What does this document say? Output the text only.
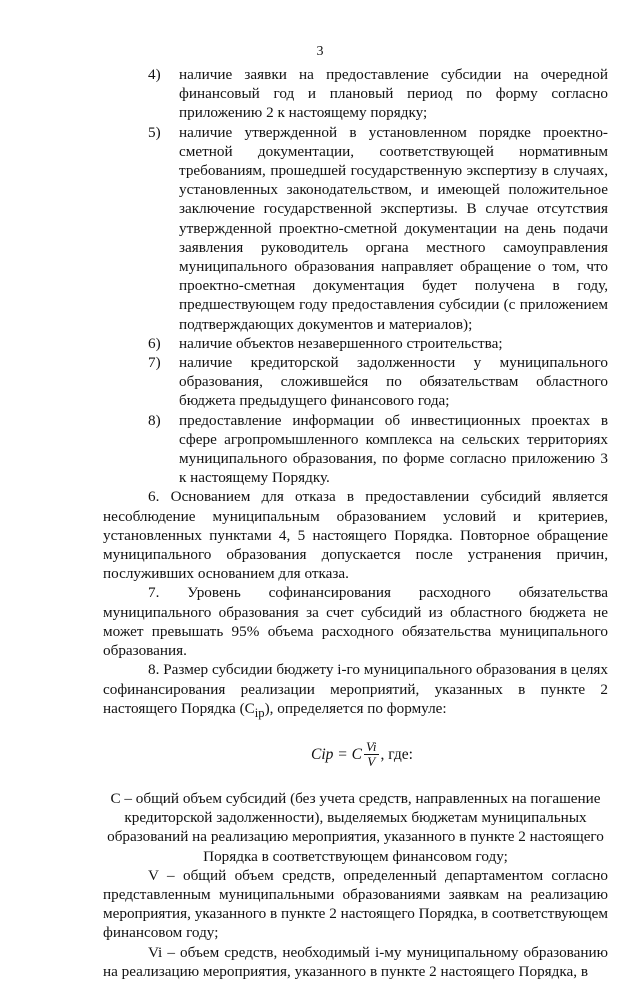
3
4)	наличие заявки на предоставление субсидии на очередной финансовый год и плановый период по форму согласно приложению 2 к настоящему порядку;
5)	наличие утвержденной в установленном порядке проектно-сметной документации, соответствующей нормативным требованиям, прошедшей государственную экспертизу в случаях, установленных законодательством, и имеющей положительное заключение государственной экспертизы. В случае отсутствия утвержденной проектно-сметной документации на день подачи заявления руководитель органа местного самоуправления муниципального образования направляет обращение о том, что проектно-сметная документация будет получена в году, предшествующем году предоставления субсидии (с приложением подтверждающих документов и материалов);
6)	наличие объектов незавершенного строительства;
7)	наличие кредиторской задолженности у муниципального образования, сложившейся по обязательствам областного бюджета предыдущего финансового года;
8)	предоставление информации об инвестиционных проектах в сфере агропромышленного комплекса на сельских территориях муниципального образования, по форме согласно приложению 3 к настоящему Порядку.

6. Основанием для отказа в предоставлении субсидий является несоблюдение муниципальным образованием условий и критериев, установленных пунктами 4, 5 настоящего Порядка. Повторное обращение муниципального образования допускается после устранения причин, послуживших основанием для отказа.

7. Уровень софинансирования расходного обязательства муниципального образования за счет субсидий из областного бюджета не может превышать 95% объема расходного обязательства муниципального образования.

8. Размер субсидии бюджету i-го муниципального образования в целях софинансирования реализации мероприятий, указанных в пункте 2 настоящего Порядка $(C_{ip})$, определяется по формуле:

Cip = C $\frac{Vi}{V}$ , где:

С – общий объем субсидий (без учета средств, направленных на погашение кредиторской задолженности), выделяемых бюджетам муниципальных образований на реализацию мероприятия, указанного в пункте 2 настоящего Порядка в соответствующем финансовом году;

V – общий объем средств, определенный департаментом согласно представленным муниципальными образованиями заявкам на реализацию мероприятия, указанного в пункте 2 настоящего Порядка, в соответствующем финансовом году;

Vi – объем средств, необходимый i-му муниципальному образованию на реализацию мероприятия, указанного в пункте 2 настоящего Порядка, в
